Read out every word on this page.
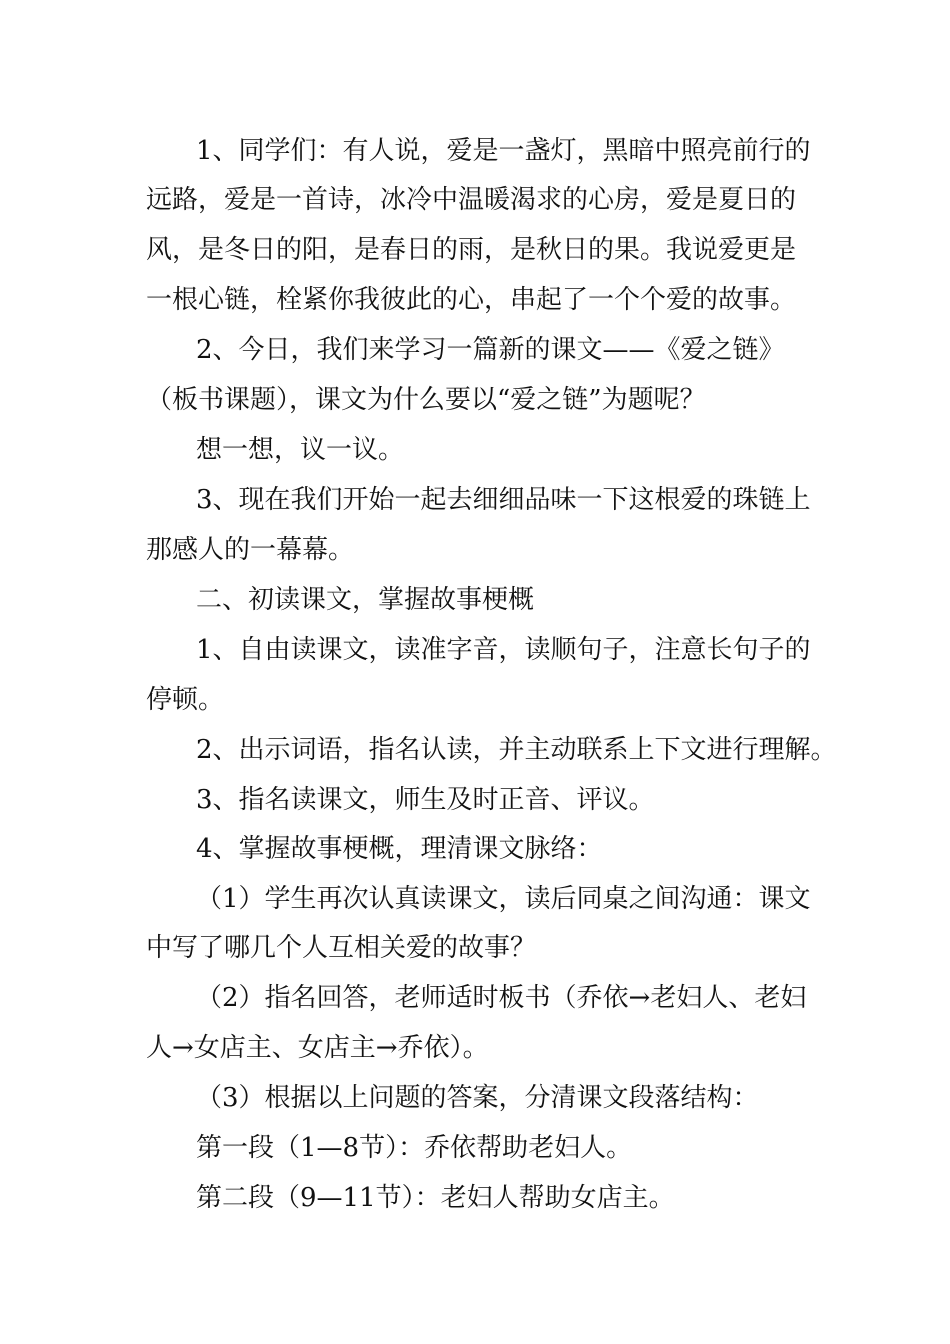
1、同学们：有人说，爱是一盏灯，黑暗中照亮前行的

远路，爱是一首诗，冰冷中温暖渴求的心房，爱是夏日的

风，是冬日的阳，是春日的雨，是秋日的果。我说爱更是

一根心链，栓紧你我彼此的心，串起了一个个爱的故事。

2、今日，我们来学习一篇新的课文——《爱之链》

（板书课题），课文为什么要以“爱之链”为题呢？

想一想，议一议。

3、现在我们开始一起去细细品味一下这根爱的珠链上

那感人的一幕幕。

二、初读课文，掌握故事梗概

1、自由读课文，读准字音，读顺句子，注意长句子的

停顿。

2、出示词语，指名认读，并主动联系上下文进行理解。

3、指名读课文，师生及时正音、评议。

4、掌握故事梗概，理清课文脉络：

（1）学生再次认真读课文，读后同桌之间沟通：课文

中写了哪几个人互相关爱的故事？

（2）指名回答，老师适时板书（乔依→老妇人、老妇

人→女店主、女店主→乔依）。

（3）根据以上问题的答案，分清课文段落结构：

第一段（1—8节）：乔依帮助老妇人。

第二段（9—11节）：老妇人帮助女店主。
